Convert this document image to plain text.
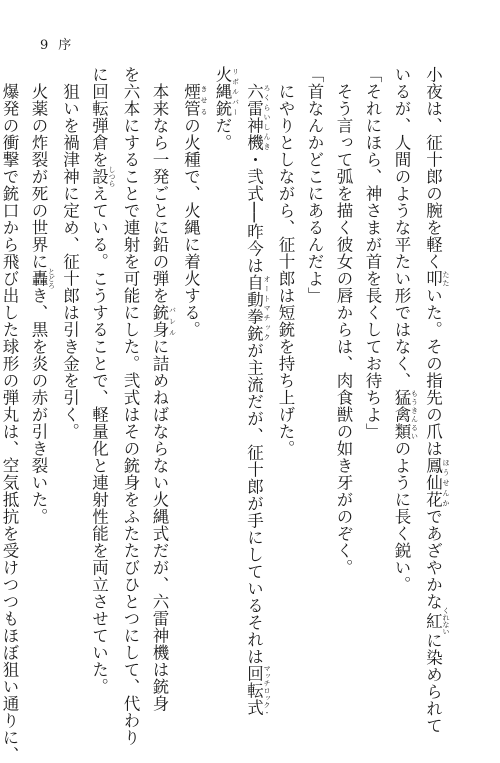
9序
小夜は、征十郎の腕を軽く叩 たたいた。その指先の爪は鳳仙花 ほうせんかであざやかな紅 くれないに染められて
いるが、人間のような平たい形ではなく、猛禽類 もうきんるいのように長く鋭い。
「それにほら、神さまが首を長くしてお待ちよ」
　そう言って弧を描く彼女の唇からは、肉食獣の如き牙がのぞく。
「首なんかどこにあるんだよ」
　にやりとしながら、征十郎は短銃を持ち上げた。
　六雷神機 ろくらいしんき・弐式──昨今は自動拳銃 オートマチックが主流だが、征十郎が手にしているそれは回転式 マッチロック・
火縄銃 リボルバーだ。
　煙管 きせるの火種で、火縄に着火する。
　本来なら一発ごとに鉛の弾を銃身 バレルに詰めねばならない火縄式だが、六雷神機は銃身
を六本にすることで連射を可能にした。弐式はその銃身をふたたびひとつにして、代わり
に回転弾倉を設 しつらえている。こうすることで、軽量化と連射性能を両立させていた。
　狙いを禍津神に定め、征十郎は引き金を引く。
　火薬の炸裂が死の世界に轟 とどろき、黒を炎の赤が引き裂いた。
　爆発の衝撃で銃口から飛び出した球形の弾丸は、空気抵抗を受けつつもほぼ狙い通りに、
